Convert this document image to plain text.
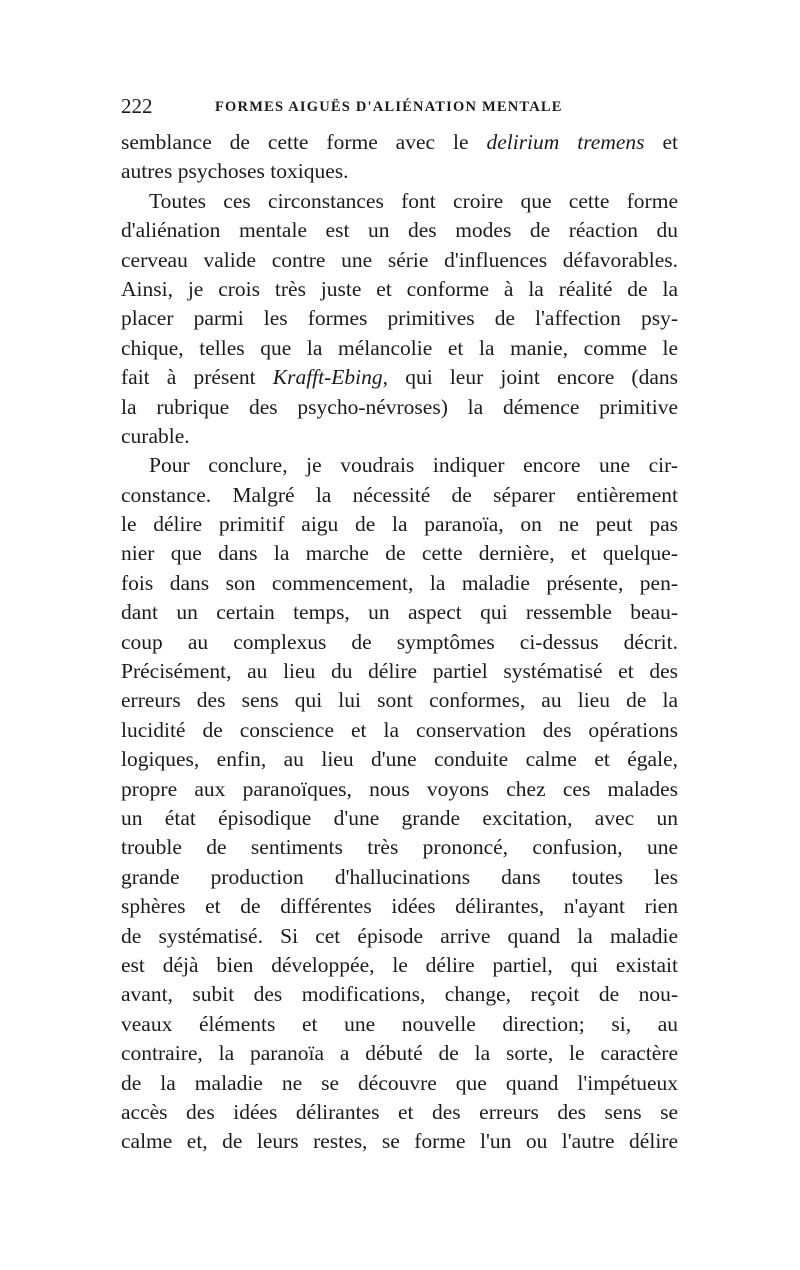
222	FORMES AIGUËS D'ALIÉNATION MENTALE
semblance de cette forme avec le delirium tremens et
autres psychoses toxiques.
Toutes ces circonstances font croire que cette forme
d'aliénation mentale est un des modes de réaction du
cerveau valide contre une série d'influences défavorables.
Ainsi, je crois très juste et conforme à la réalité de la
placer parmi les formes primitives de l'affection psy-
chique, telles que la mélancolie et la manie, comme le
fait à présent Krafft-Ebing, qui leur joint encore (dans
la rubrique des psycho-névroses) la démence primitive
curable.
Pour conclure, je voudrais indiquer encore une cir-
constance. Malgré la nécessité de séparer entièrement
le délire primitif aigu de la paranoïa, on ne peut pas
nier que dans la marche de cette dernière, et quelque-
fois dans son commencement, la maladie présente, pen-
dant un certain temps, un aspect qui ressemble beau-
coup au complexus de symptômes ci-dessus décrit.
Précisément, au lieu du délire partiel systématisé et des
erreurs des sens qui lui sont conformes, au lieu de la
lucidité de conscience et la conservation des opérations
logiques, enfin, au lieu d'une conduite calme et égale,
propre aux paranoïques, nous voyons chez ces malades
un état épisodique d'une grande excitation, avec un
trouble de sentiments très prononcé, confusion, une
grande production d'hallucinations dans toutes les
sphères et de différentes idées délirantes, n'ayant rien
de systématisé. Si cet épisode arrive quand la maladie
est déjà bien développée, le délire partiel, qui existait
avant, subit des modifications, change, reçoit de nou-
veaux éléments et une nouvelle direction; si, au
contraire, la paranoïa a débuté de la sorte, le caractère
de la maladie ne se découvre que quand l'impétueux
accès des idées délirantes et des erreurs des sens se
calme et, de leurs restes, se forme l'un ou l'autre délire
